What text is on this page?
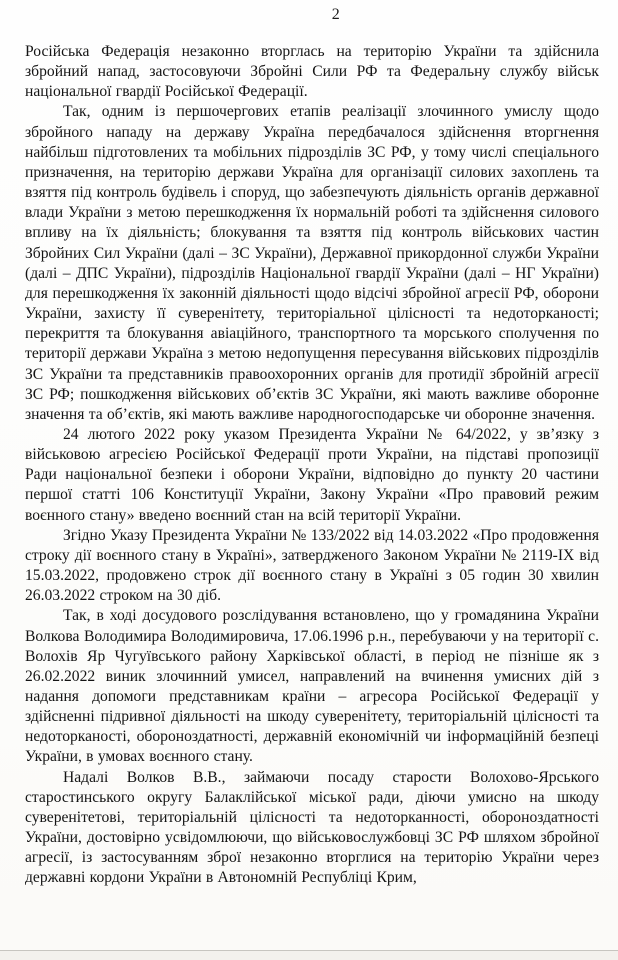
2

Російська Федерація незаконно вторглась на територію України та здійснила збройний напад, застосовуючи Збройні Сили РФ та Федеральну службу військ національної гвардії Російської Федерації.

Так, одним із першочергових етапів реалізації злочинного умислу щодо збройного нападу на державу Україна передбачалося здійснення вторгнення найбільш підготовлених та мобільних підрозділів ЗС РФ, у тому числі спеціального призначення, на територію держави Україна для організації силових захоплень та взяття під контроль будівель і споруд, що забезпечують діяльність органів державної влади України з метою перешкодження їх нормальній роботі та здійснення силового впливу на їх діяльність; блокування та взяття під контроль військових частин Збройних Сил України (далі – ЗС України), Державної прикордонної служби України (далі – ДПС України), підрозділів Національної гвардії України (далі – НГ України) для перешкодження їх законній діяльності щодо відсічі збройної агресії РФ, оборони України, захисту її суверенітету, територіальної цілісності та недоторканості; перекриття та блокування авіаційного, транспортного та морського сполучення по території держави Україна з метою недопущення пересування військових підрозділів ЗС України та представників правоохоронних органів для протидії збройній агресії ЗС РФ; пошкодження військових об’єктів ЗС України, які мають важливе оборонне значення та об’єктів, які мають важливе народногосподарське чи оборонне значення.

24 лютого 2022 року указом Президента України № 64/2022, у зв’язку з військовою агресією Російської Федерації проти України, на підставі пропозиції Ради національної безпеки і оборони України, відповідно до пункту 20 частини першої статті 106 Конституції України, Закону України «Про правовий режим воєнного стану» введено воєнний стан на всій території України.

Згідно Указу Президента України № 133/2022 від 14.03.2022 «Про продовження строку дії воєнного стану в Україні», затвердженого Законом України № 2119-IX від 15.03.2022, продовжено строк дії воєнного стану в Україні з 05 годин 30 хвилин 26.03.2022 строком на 30 діб.

Так, в ході досудового розслідування встановлено, що у громадянина України Волкова Володимира Володимировича, 17.06.1996 р.н., перебуваючи у на території с. Волохів Яр Чугуївського району Харківської області, в період не пізніше як з 26.02.2022 виник злочинний умисел, направлений на вчинення умисних дій з надання допомоги представникам країни – агресора Російської Федерації у здійсненні підривної діяльності на шкоду суверенітету, територіальній цілісності та недоторканості, обороноздатності, державній економічній чи інформаційній безпеці України, в умовах воєнного стану.

Надалі Волков В.В., займаючи посаду старости Волохово-Ярського старостинського округу Балаклійської міської ради, діючи умисно на шкоду суверенітетові, територіальній цілісності та недоторканності, обороноздатності України, достовірно усвідомлюючи, що військовослужбовці ЗС РФ шляхом збройної агресії, із застосуванням зброї незаконно вторглися на територію України через державні кордони України в Автономній Республіці Крим,
